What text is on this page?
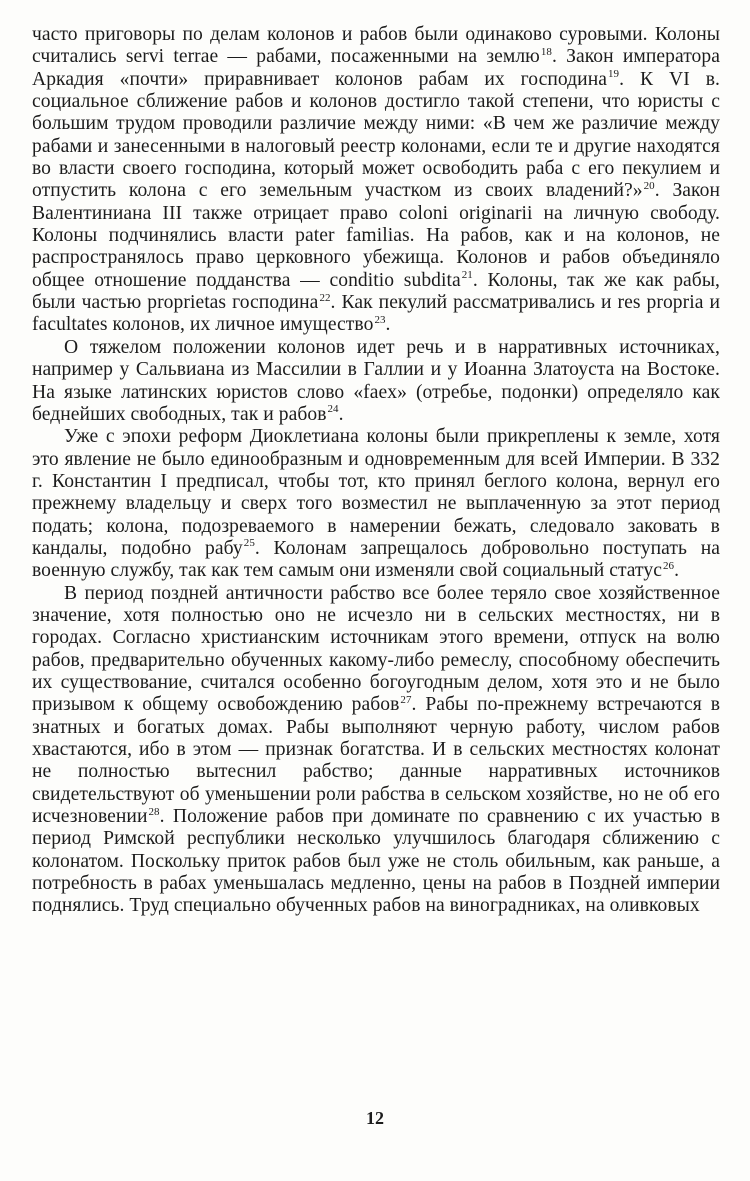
часто приговоры по делам колонов и рабов были одинаково суровыми. Колоны считались servi terrae — рабами, посаженными на землю$^{18}$. Закон императора Аркадия «почти» приравнивает колонов рабам их господина$^{19}$. К VI в. социальное сближение рабов и колонов достигло такой степени, что юристы с большим трудом проводили различие между ними: «В чем же различие между рабами и занесенными в налоговый реестр колонами, если те и другие находятся во власти своего господина, который может освободить раба с его пекулием и отпустить колона с его земельным участком из своих владений?»$^{20}$. Закон Валентиниана III также отрицает право coloni originarii на личную свободу. Колоны подчинялись власти pater familias. На рабов, как и на колонов, не распространялось право церковного убежища. Колонов и рабов объединяло общее отношение подданства — conditio subdita$^{21}$. Колоны, так же как рабы, были частью proprietas господина$^{22}$. Как пекулий рассматривались и res propria и facultates колонов, их личное имущество$^{23}$.

О тяжелом положении колонов идет речь и в нарративных источниках, например у Сальвиана из Массилии в Галлии и у Иоанна Златоуста на Востоке. На языке латинских юристов слово «faex» (отребье, подонки) определяло как беднейших свободных, так и рабов$^{24}$.

Уже с эпохи реформ Диоклетиана колоны были прикреплены к земле, хотя это явление не было единообразным и одновременным для всей Империи. В 332 г. Константин I предписал, чтобы тот, кто принял беглого колона, вернул его прежнему владельцу и сверх того возместил не выплаченную за этот период подать; колона, подозреваемого в намерении бежать, следовало заковать в кандалы, подобно рабу$^{25}$. Колонам запрещалось добровольно поступать на военную службу, так как тем самым они изменяли свой социальный статус$^{26}$.

В период поздней античности рабство все более теряло свое хозяйственное значение, хотя полностью оно не исчезло ни в сельских местностях, ни в городах. Согласно христианским источникам этого времени, отпуск на волю рабов, предварительно обученных какому-либо ремеслу, способному обеспечить их существование, считался особенно богоугодным делом, хотя это и не было призывом к общему освобождению рабов$^{27}$. Рабы по-прежнему встречаются в знатных и богатых домах. Рабы выполняют черную работу, числом рабов хвастаются, ибо в этом — признак богатства. И в сельских местностях колонат не полностью вытеснил рабство; данные нарративных источников свидетельствуют об уменьшении роли рабства в сельском хозяйстве, но не об его исчезновении$^{28}$. Положение рабов при доминате по сравнению с их участью в период Римской республики несколько улучшилось благодаря сближению с колонатом. Поскольку приток рабов был уже не столь обильным, как раньше, а потребность в рабах уменьшалась медленно, цены на рабов в Поздней империи поднялись. Труд специально обученных рабов на виноградниках, на оливковых

12
